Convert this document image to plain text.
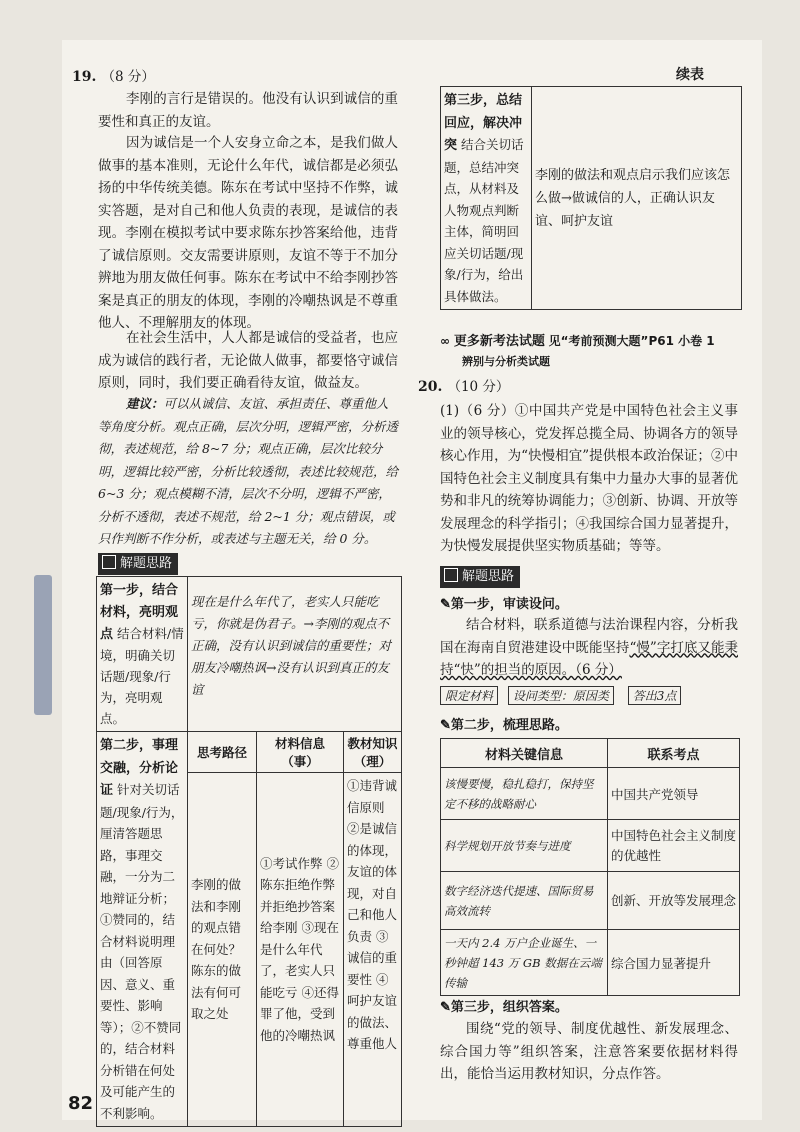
19. （8 分）
李刚的言行是错误的。他没有认识到诚信的重要性和真正的友谊。
因为诚信是一个人安身立命之本，是我们做人做事的基本准则，无论什么年代，诚信都是必须弘扬的中华传统美德。陈东在考试中坚持不作弊，诚实答题，是对自己和他人负责的表现，是诚信的表现。李刚在模拟考试中要求陈东抄答案给他，违背了诚信原则。交友需要讲原则，友谊不等于不加分辨地为朋友做任何事。陈东在考试中不给李刚抄答案是真正的朋友的体现，李刚的冷嘲热讽是不尊重他人、不理解朋友的体现。
在社会生活中，人人都是诚信的受益者，也应成为诚信的践行者，无论做人做事，都要恪守诚信原则，同时，我们要正确看待友谊，做益友。
建议：可以从诚信、友谊、承担责任、尊重他人等角度分析。观点正确，层次分明，逻辑严密，分析透彻，表述规范，给 8~7 分；观点正确，层次比较分明，逻辑比较严密，分析比较透彻，表述比较规范，给 6~3 分；观点模糊不清，层次不分明，逻辑不严密，分析不透彻，表述不规范，给 2~1 分；观点错误，或只作判断不作分析，或表述与主题无关，给 0 分。
解题思路
第一步，结合材料，亮明观点 结合材料/情境，明确关切话题/现象/行为，亮明观点。	现在是什么年代了，老实人只能吃亏，你就是伪君子。→李刚的观点不正确，没有认识到诚信的重要性；对朋友冷嘲热讽→没有认识到真正的友谊		
第二步，事理交融，分析论证 针对关切话题/现象/行为，厘清答题思路，事理交融，一分为二地辩证分析；①赞同的，结合材料说明理由（回答原因、意义、重要性、影响等）；②不赞同的，结合材料分析错在何处及可能产生的不利影响。	思考路径	材料信息（事）	教材知识（理）
	李刚的做法和李刚的观点错在何处？陈东的做法有何可取之处	①考试作弊 ②陈东拒绝作弊并拒绝抄答案给李刚 ③现在是什么年代了，老实人只能吃亏 ④还得罪了他，受到他的冷嘲热讽	①违背诚信原则 ②是诚信的体现，友谊的体现，对自己和他人负责 ③诚信的重要性 ④呵护友谊的做法、尊重他人
82
续表
第三步，总结回应，解决冲突 结合关切话题，总结冲突点，从材料及人物观点判断主体，简明回应关切话题/现象/行为，给出具体做法。	李刚的做法和观点启示我们应该怎么做→做诚信的人，正确认识友谊、呵护友谊
∞ 更多新考法试题 见“考前预测大题”P61 小卷 1
辨别与分析类试题
20. （10 分）
(1)（6 分）①中国共产党是中国特色社会主义事业的领导核心，党发挥总揽全局、协调各方的领导核心作用，为“快慢相宜”提供根本政治保证；②中国特色社会主义制度具有集中力量办大事的显著优势和非凡的统筹协调能力；③创新、协调、开放等发展理念的科学指引；④我国综合国力显著提升，为快慢发展提供坚实物质基础；等等。
解题思路
✎第一步，审读设问。
结合材料，联系道德与法治课程内容，分析我国在海南自贸港建设中既能坚持“慢”字打底又能秉持“快”的担当的原因。（6 分）
限定材料 设问类型：原因类 答出3点
✎第二步，梳理思路。
材料关键信息	联系考点
该慢要慢，稳扎稳打，保持坚定不移的战略耐心	中国共产党领导
科学规划开放节奏与进度	中国特色社会主义制度的优越性
数字经济迭代提速、国际贸易高效流转	创新、开放等发展理念
一天内 2.4 万户企业诞生、一秒钟超 143 万 GB 数据在云端传输	综合国力显著提升
✎第三步，组织答案。
围绕“党的领导、制度优越性、新发展理念、综合国力等”组织答案，注意答案要依据材料得出，能恰当运用教材知识，分点作答。
